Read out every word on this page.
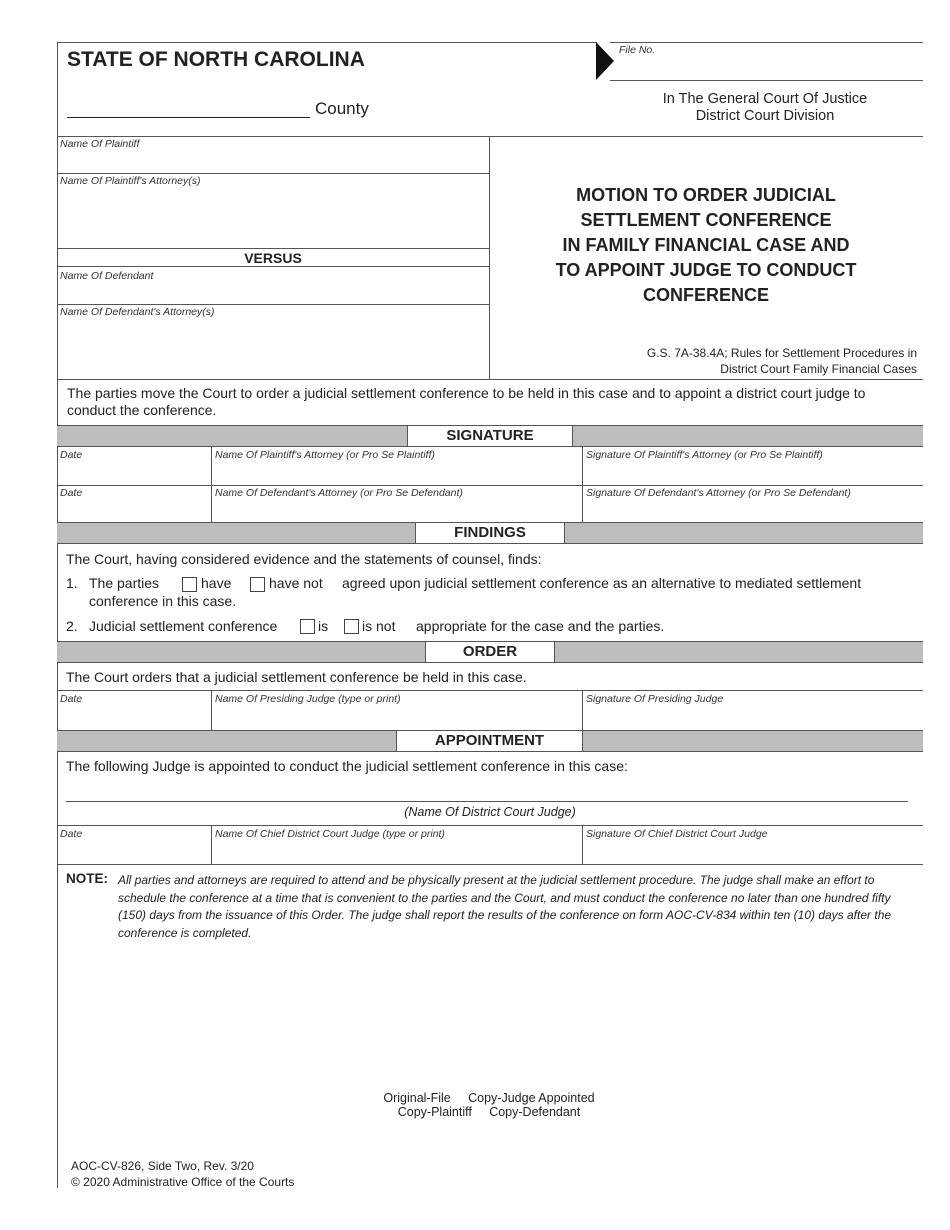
STATE OF NORTH CAROLINA
County
File No.
In The General Court Of Justice
District Court Division
Name Of Plaintiff
Name Of Plaintiff's Attorney(s)
VERSUS
Name Of Defendant
Name Of Defendant's Attorney(s)
MOTION TO ORDER JUDICIAL
SETTLEMENT CONFERENCE
IN FAMILY FINANCIAL CASE AND
TO APPOINT JUDGE TO CONDUCT
CONFERENCE
G.S. 7A-38.4A; Rules for Settlement Procedures in
District Court Family Financial Cases
The parties move the Court to order a judicial settlement conference to be held in this case and to appoint a district court judge to conduct the conference.
SIGNATURE
Date	Name Of Plaintiff's Attorney (or Pro Se Plaintiff)	Signature Of Plaintiff's Attorney (or Pro Se Plaintiff)
Date	Name Of Defendant's Attorney (or Pro Se Defendant)	Signature Of Defendant's Attorney (or Pro Se Defendant)
FINDINGS
The Court, having considered evidence and the statements of counsel, finds:
1. The parties	have	have not agreed upon judicial settlement conference as an alternative to mediated settlement
conference in this case.
2. Judicial settlement conference	is is not appropriate for the case and the parties.
ORDER
The Court orders that a judicial settlement conference be held in this case.
Date	Name Of Presiding Judge (type or print)	Signature Of Presiding Judge
APPOINTMENT
The following Judge is appointed to conduct the judicial settlement conference in this case:
(Name Of District Court Judge)
Date	Name Of Chief District Court Judge (type or print)	Signature Of Chief District Court Judge
NOTE: All parties and attorneys are required to attend and be physically present at the judicial settlement procedure. The judge shall make an effort to schedule the conference at a time that is convenient to the parties and the Court, and must conduct the conference no later than one hundred fifty (150) days from the issuance of this Order. The judge shall report the results of the conference on form AOC-CV-834 within ten (10) days after the conference is completed.
Original-File     Copy-Judge Appointed
Copy-Plaintiff     Copy-Defendant
AOC-CV-826, Side Two, Rev. 3/20
© 2020 Administrative Office of the Courts
